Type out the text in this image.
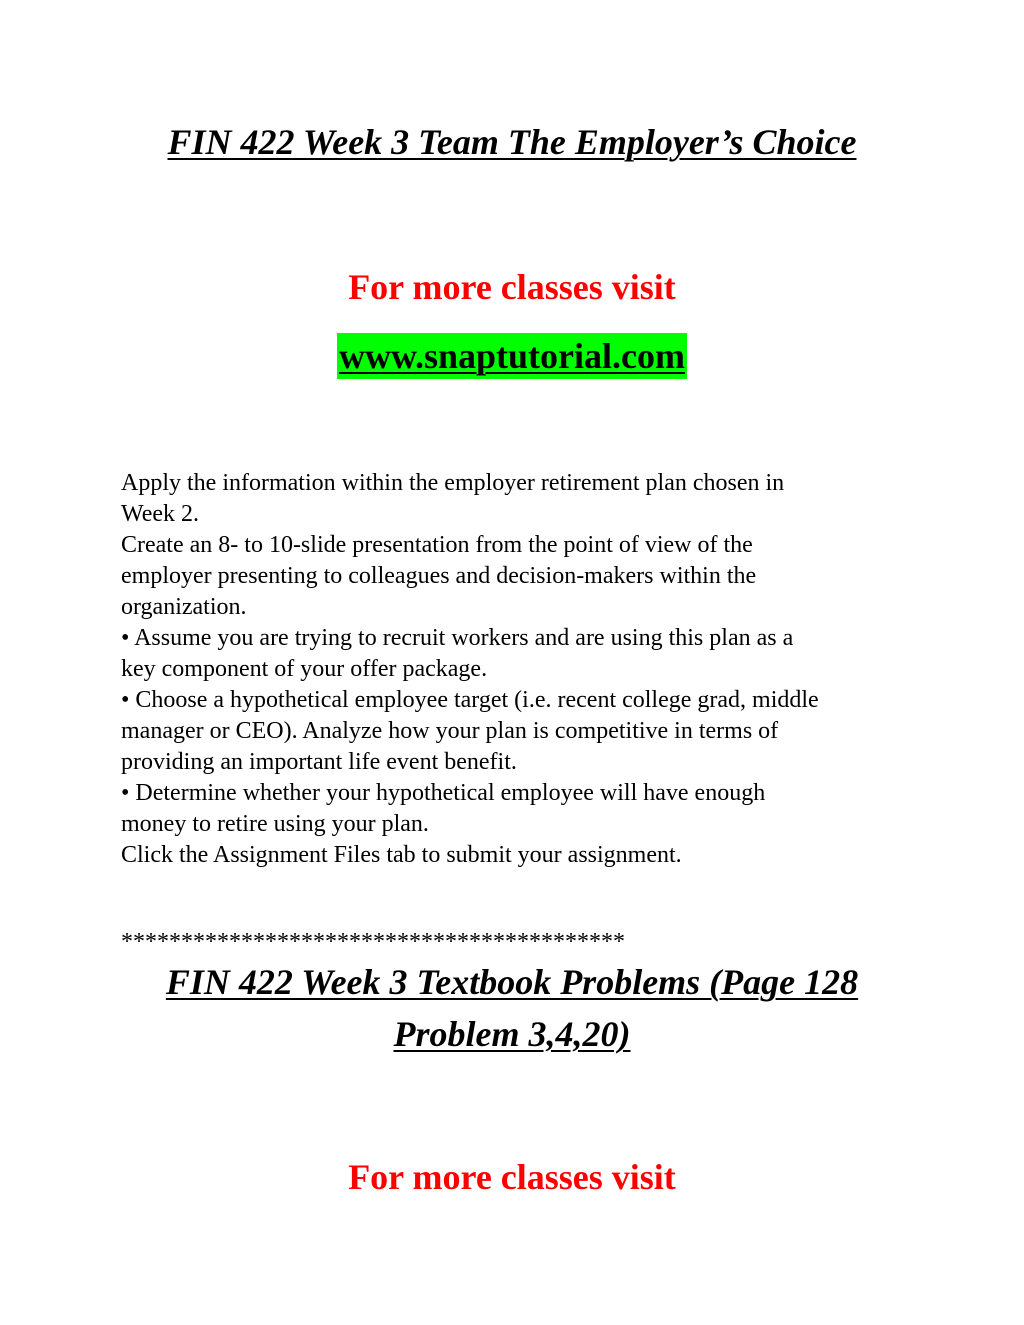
FIN 422 Week 3 Team The Employer’s Choice
For more classes visit
www.snaptutorial.com
Apply the information within the employer retirement plan chosen in
Week 2.
Create an 8- to 10-slide presentation from the point of view of the
employer presenting to colleagues and decision-makers within the
organization.
• Assume you are trying to recruit workers and are using this plan as a
key component of your offer package.
• Choose a hypothetical employee target (i.e. recent college grad, middle
manager or CEO). Analyze how your plan is competitive in terms of
providing an important life event benefit.
• Determine whether your hypothetical employee will have enough
money to retire using your plan.
Click the Assignment Files tab to submit your assignment.
******************************************
FIN 422 Week 3 Textbook Problems (Page 128
Problem 3,4,20)
For more classes visit
